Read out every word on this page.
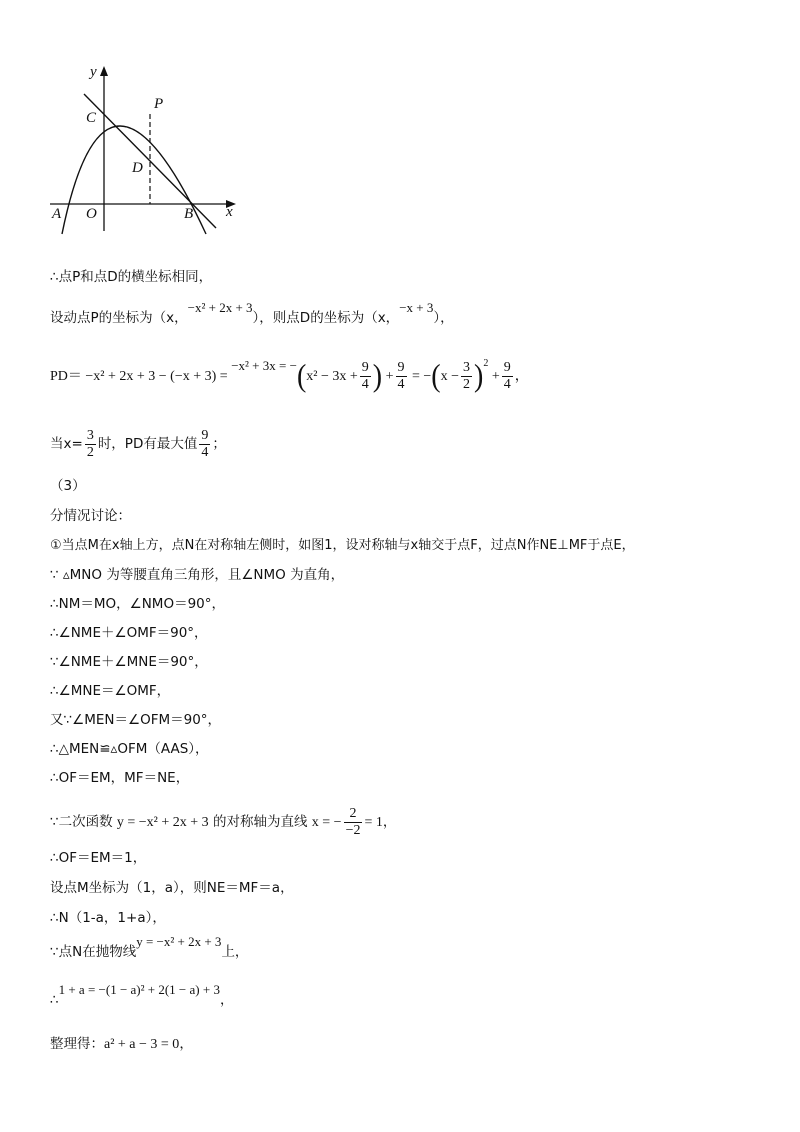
y
x
C
P
D
A O	B
∴点P和点D的横坐标相同，
设动点P的坐标为（x，−x² + 2x + 3），则点D的坐标为（x，−x + 3），
$PD= -x^2 + 2x + 3 - (-x + 3) = -x^2 + 3x = -(x^2 - 3x + \frac{9}{4}$ ) + $\frac{9}{4} = -(x - \frac{3}{2} )^2 + \frac{9}{4}$ ，
当$x= \frac{3}{2}$ 时，PD有最大值 $\frac{9}{4}$ ；
（3）
分情况讨论：
①当点M在x轴上方，点N在对称轴左侧时，如图1，设对称轴与x轴交于点F，过点N作NE⊥MF于点E，
∵ ▵MNO 为等腰直角三角形，且∠NMO 为直角，
∴NM＝MO，∠NMO＝90°，
∴∠NME＋∠OMF＝90°，
∵∠NME＋∠MNE＝90°，
∴∠MNE＝∠OMF，
又∵∠MEN＝∠OFM＝90°，
∴△MEN≌▵OFM（AAS），
∴OF＝EM，MF＝NE，
∵二次函数 y = −x² + 2x + 3 的对称轴为直线 x = − $\frac{2}{-2} = 1$，
∴OF＝EM＝1，
设点M坐标为（1，a），则NE＝MF＝a，
∴N（1-a，1+a），
∵点N在抛物线y = −x² + 2x + 3上，
∴1 + a = −(1 − a)² + 2(1 − a) + 3，
整理得：a² + a − 3 = 0，
